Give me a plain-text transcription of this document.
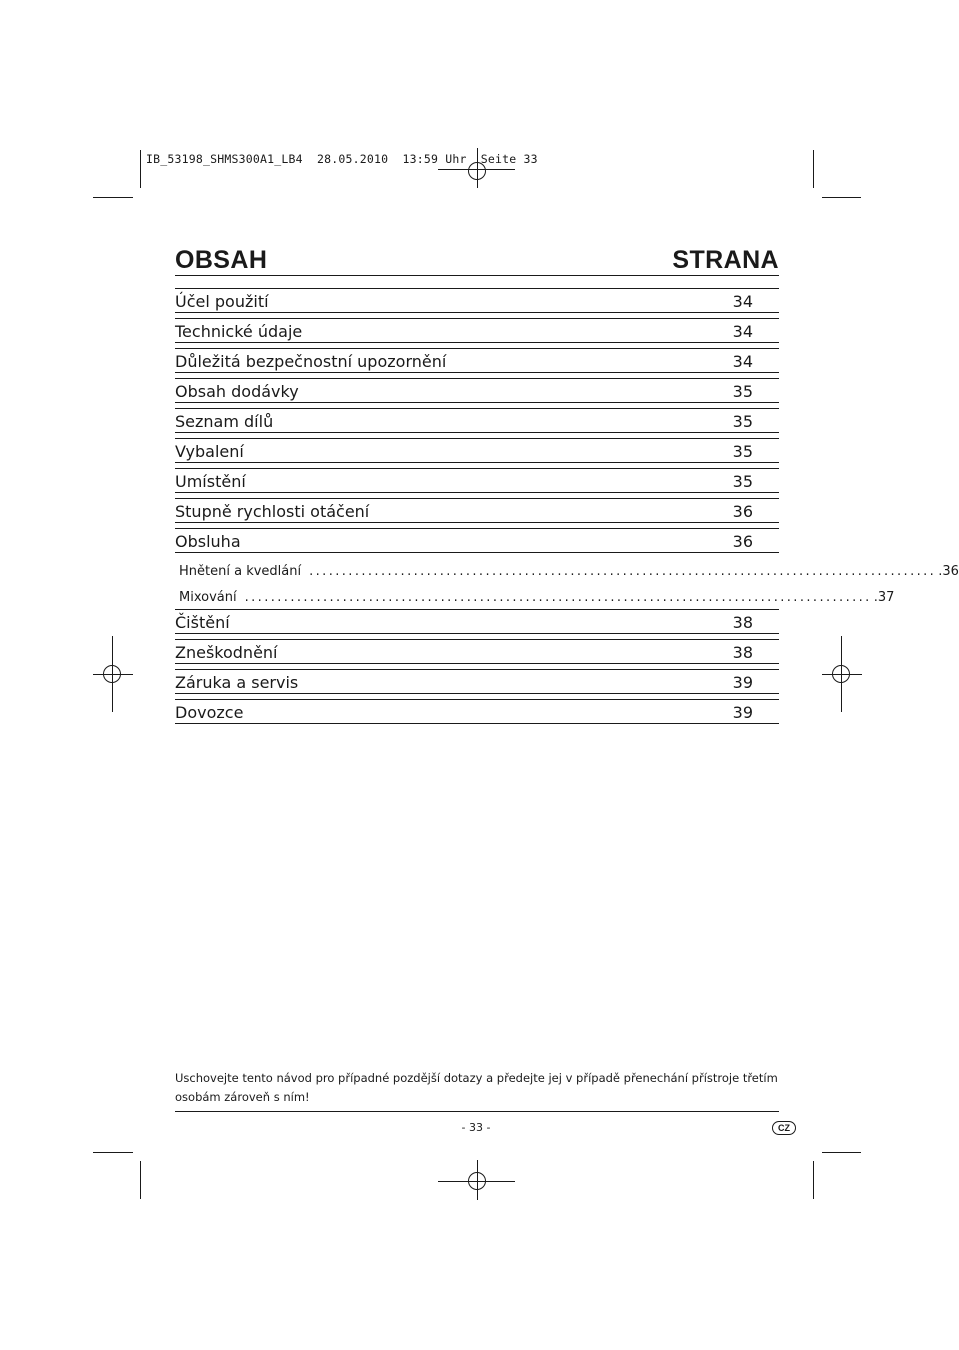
IB_53198_SHMS300A1_LB4  28.05.2010  13:59 Uhr  Seite 33
OBSAH	STRANA
Účel použití	34
Technické údaje	34
Důležitá bezpečnostní upozornění	34
Obsah dodávky	35
Seznam dílů	35
Vybalení	35
Umístění	35
Stupně rychlosti otáčení	36
Obsluha	36
Hnětení a kvedlání ................................................................................................ .36
Mixování ................................................................................................ .37
Čištění	38
Zneškodnění	38
Záruka a servis	39
Dovozce	39
Uschovejte tento návod pro případné pozdější dotazy a předejte jej v případě přenechání přístroje třetím osobám zároveň s ním!
- 33 -	CZ
